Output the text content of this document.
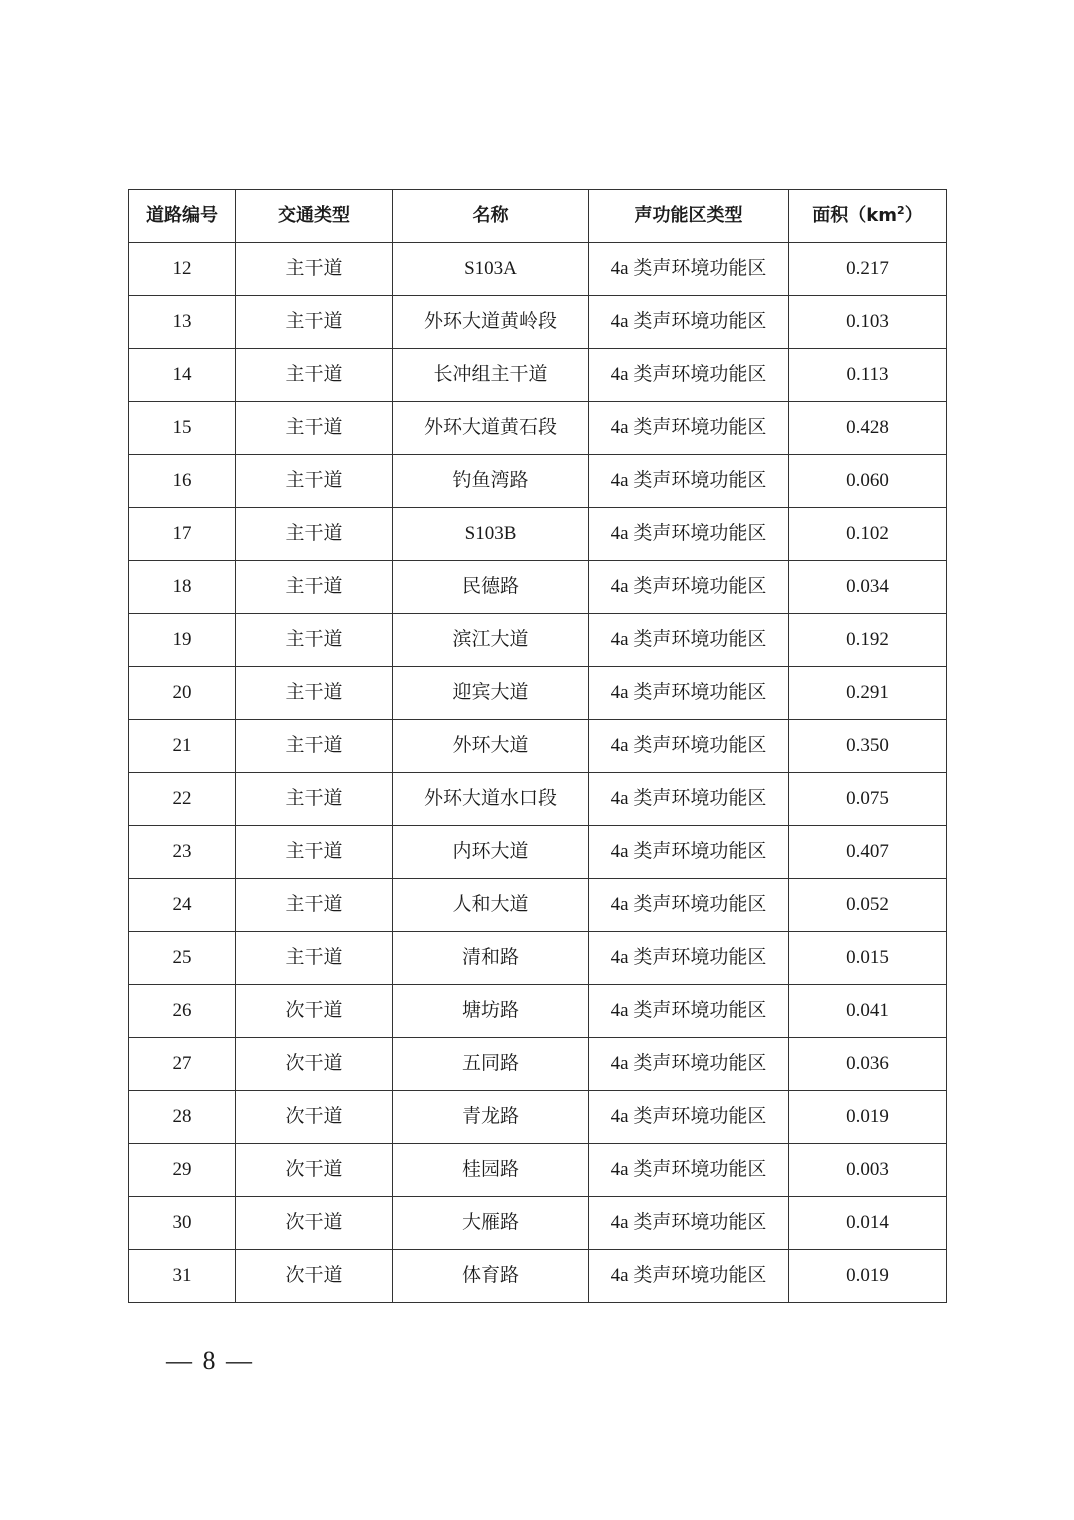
道路编号	交通类型	名称	声功能区类型	面积$(km^2)$
12	主干道	S103A	4a 类声环境功能区	0.217
13	主干道	外环大道黄岭段	4a 类声环境功能区	0.103
14	主干道	长冲组主干道	4a 类声环境功能区	0.113
15	主干道	外环大道黄石段	4a 类声环境功能区	0.428
16	主干道	钓鱼湾路	4a 类声环境功能区	0.060
17	主干道	S103B	4a 类声环境功能区	0.102
18	主干道	民德路	4a 类声环境功能区	0.034
19	主干道	滨江大道	4a 类声环境功能区	0.192
20	主干道	迎宾大道	4a 类声环境功能区	0.291
21	主干道	外环大道	4a 类声环境功能区	0.350
22	主干道	外环大道水口段	4a 类声环境功能区	0.075
23	主干道	内环大道	4a 类声环境功能区	0.407
24	主干道	人和大道	4a 类声环境功能区	0.052
25	主干道	清和路	4a 类声环境功能区	0.015
26	次干道	塘坊路	4a 类声环境功能区	0.041
27	次干道	五同路	4a 类声环境功能区	0.036
28	次干道	青龙路	4a 类声环境功能区	0.019
29	次干道	桂园路	4a 类声环境功能区	0.003
30	次干道	大雁路	4a 类声环境功能区	0.014
31	次干道	体育路	4a 类声环境功能区	0.019
— 8 —
